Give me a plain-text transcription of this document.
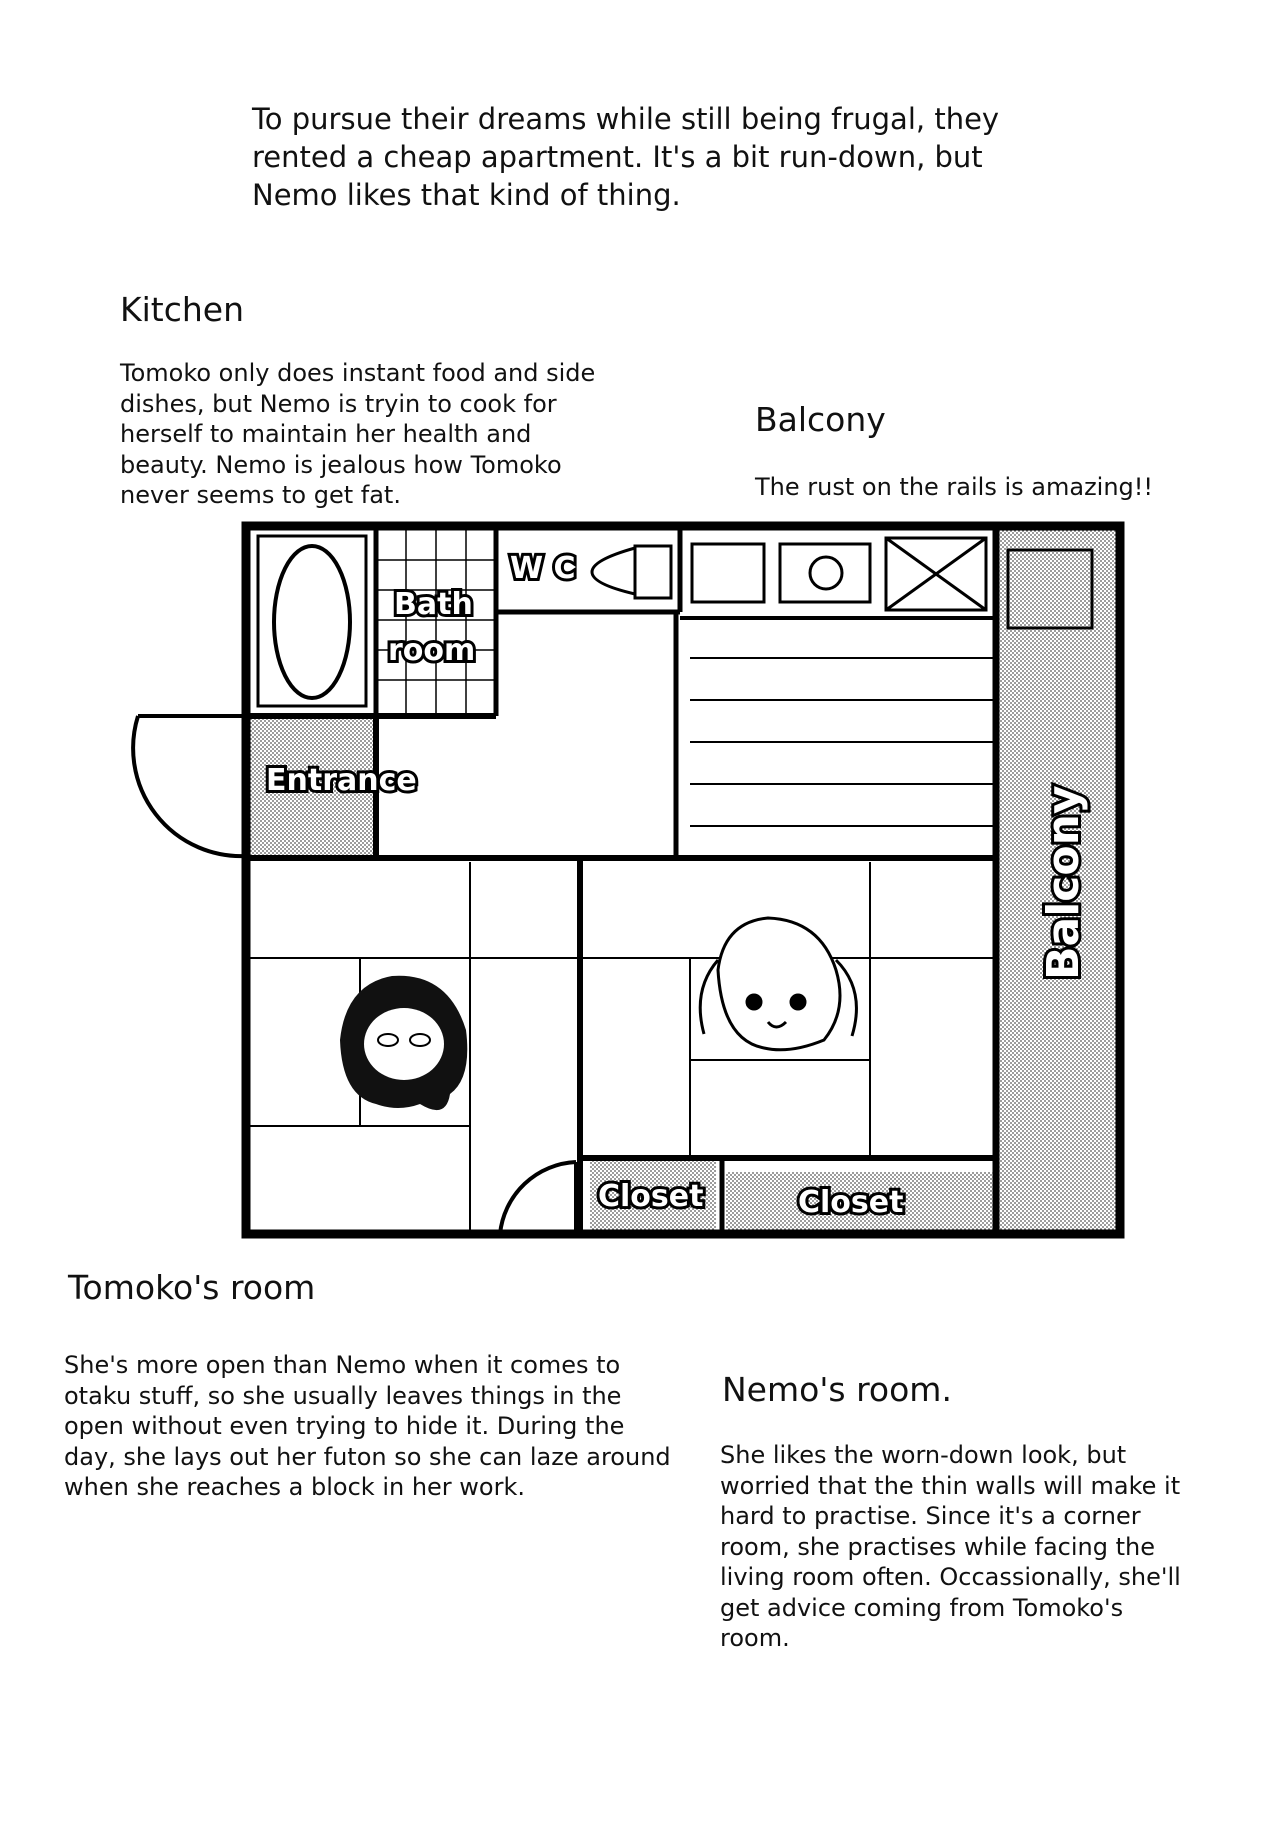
To pursue their dreams while still being frugal, they
rented a cheap apartment. It's a bit run-down, but
Nemo likes that kind of thing.
Kitchen
Tomoko only does instant food and side
dishes, but Nemo is tryin to cook for
herself to maintain her health and
beauty. Nemo is jealous how Tomoko
never seems to get fat.
Balcony
The rust on the rails is amazing!!
Bath
room
W C
Entrance
Closet	Closet
Balcony
Tomoko's room
She's more open than Nemo when it comes to
otaku stuff, so she usually leaves things in the
open without even trying to hide it. During the
day, she lays out her futon so she can laze around
when she reaches a block in her work.
Nemo's room.
She likes the worn-down look, but
worried that the thin walls will make it
hard to practise. Since it's a corner
room, she practises while facing the
living room often. Occassionally, she'll
get advice coming from Tomoko's
room.
